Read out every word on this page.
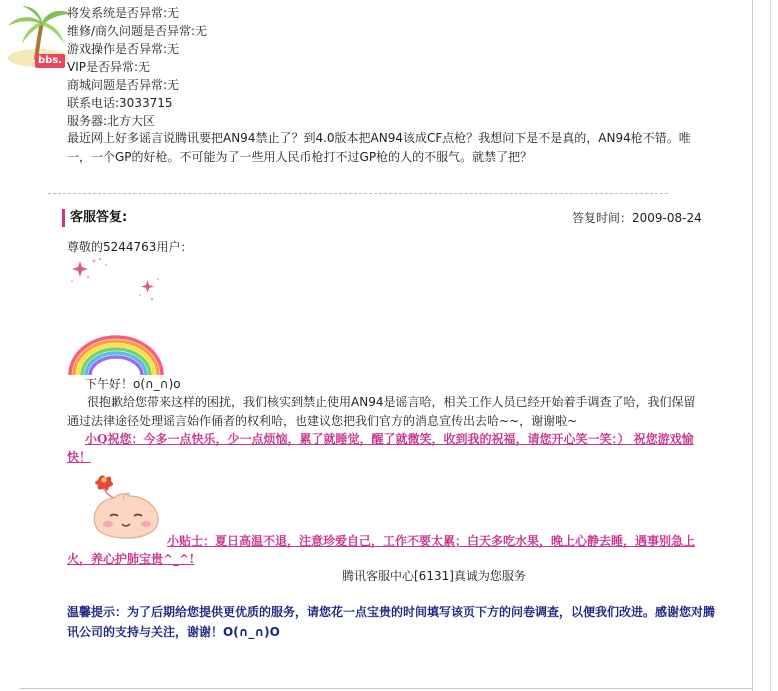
bbs.
将发系统是否异常:无
维修/商久问题是否异常:无
游戏操作是否异常:无
VIP是否异常:无
商城问题是否异常:无
联系电话:3033715
服务器:北方大区
最近网上好多谣言说腾讯要把AN94禁止了？到4.0版本把AN94该成CF点枪？我想问下是不是真的，AN94枪不错。唯一，一个GP的好枪。不可能为了一些用人民币枪打不过GP枪的人的不服气。就禁了把？
客服答复:	答复时间：2009-08-24
尊敬的5244763用户：
下午好！o(∩_∩)o
很抱歉给您带来这样的困扰，我们核实到禁止使用AN94是谣言哈，相关工作人员已经开始着手调查了哈，我们保留通过法律途径处理谣言始作俑者的权利哈，也建议您把我们官方的消息宣传出去哈~~，谢谢啦~
小Q祝您：今多一点快乐，少一点烦恼，累了就睡觉，醒了就微笑，收到我的祝福，请您开心笑一笑：） 祝您游戏愉快！
小贴士：夏日高温不退，注意珍爱自己，工作不要太累；白天多吃水果，晚上心静去睡，遇事别急上火，养心护肺宝贵^_^!
腾讯客服中心[6131]真诚为您服务
温馨提示：为了后期给您提供更优质的服务，请您花一点宝贵的时间填写该页下方的问卷调查，以便我们改进。感谢您对腾讯公司的支持与关注，谢谢！O(∩_∩)O
